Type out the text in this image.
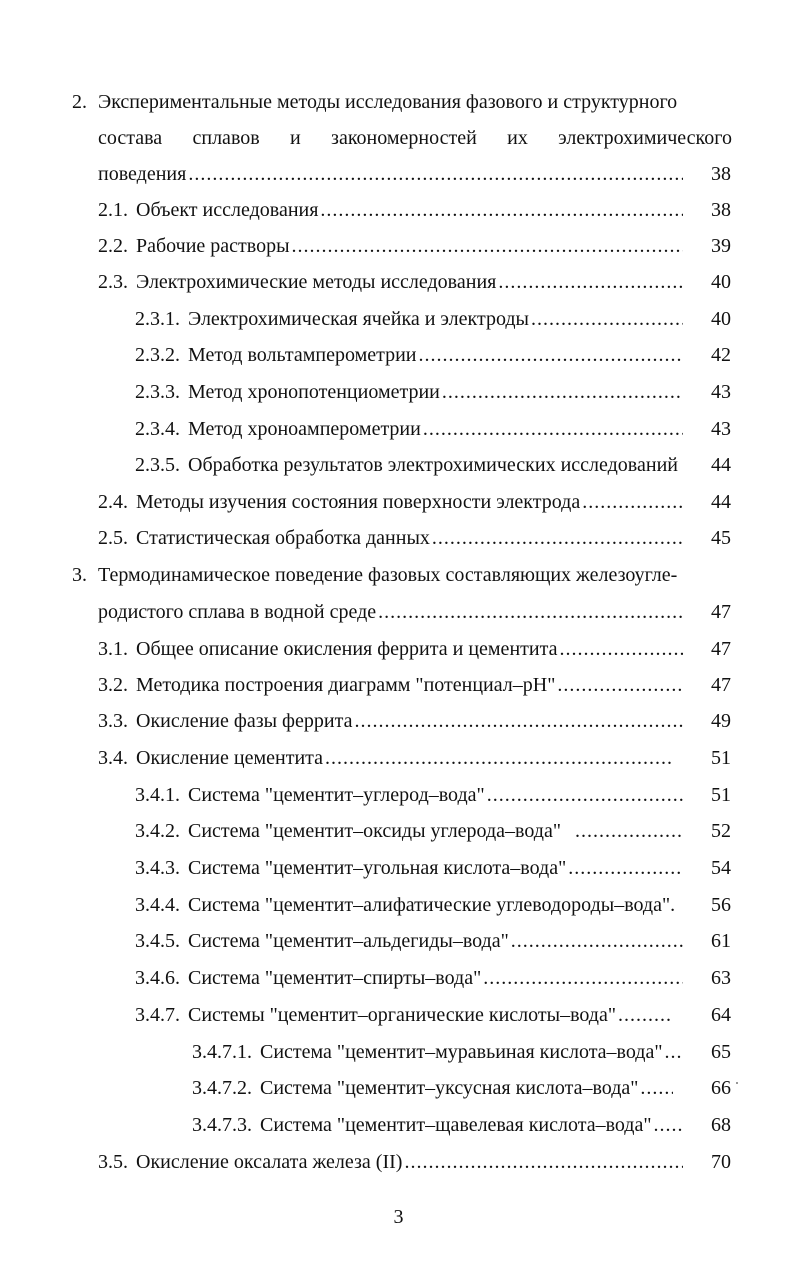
2. Экспериментальные методы исследования фазового и структурного
состава сплавов и закономерностей их электрохимического
поведения .....	38
2.1. Объект исследования .....	38
2.2. Рабочие растворы .....	39
2.3. Электрохимические методы исследования .....	40
2.3.1. Электрохимическая ячейка и электроды .....	40
2.3.2. Метод вольтамперометрии .....	42
2.3.3. Метод хронопотенциометрии .....	43
2.3.4. Метод хроноамперометрии .....	43
2.3.5. Обработка результатов электрохимических исследований	44
2.4. Методы изучения состояния поверхности электрода .....	44
2.5. Статистическая обработка данных .....	45
3. Термодинамическое поведение фазовых составляющих железоугле-
родистого сплава в водной среде .....	47
3.1. Общее описание окисления феррита и цементита .....	47
3.2. Методика построения диаграмм "потенциал–pH" .....	47
3.3. Окисление фазы феррита .....	49
3.4. Окисление цементита .....	51
3.4.1. Система "цементит–углерод–вода" .....	51
3.4.2. Система "цементит–оксиды углерода–вода" .....	52
3.4.3. Система "цементит–угольная кислота–вода" .....	54
3.4.4. Система "цементит–алифатические углеводороды–вода".	56
3.4.5. Система "цементит–альдегиды–вода" .....	61
3.4.6. Система "цементит–спирты–вода" .....	63
3.4.7. Системы "цементит–органические кислоты–вода" .....	64
3.4.7.1. Система "цементит–муравьиная кислота–вода" .....	65
3.4.7.2. Система "цементит–уксусная кислота–вода" .....	66
3.4.7.3. Система "цементит–щавелевая кислота–вода" .....	68
3.5. Окисление оксалата железа (II) .....	70
3
